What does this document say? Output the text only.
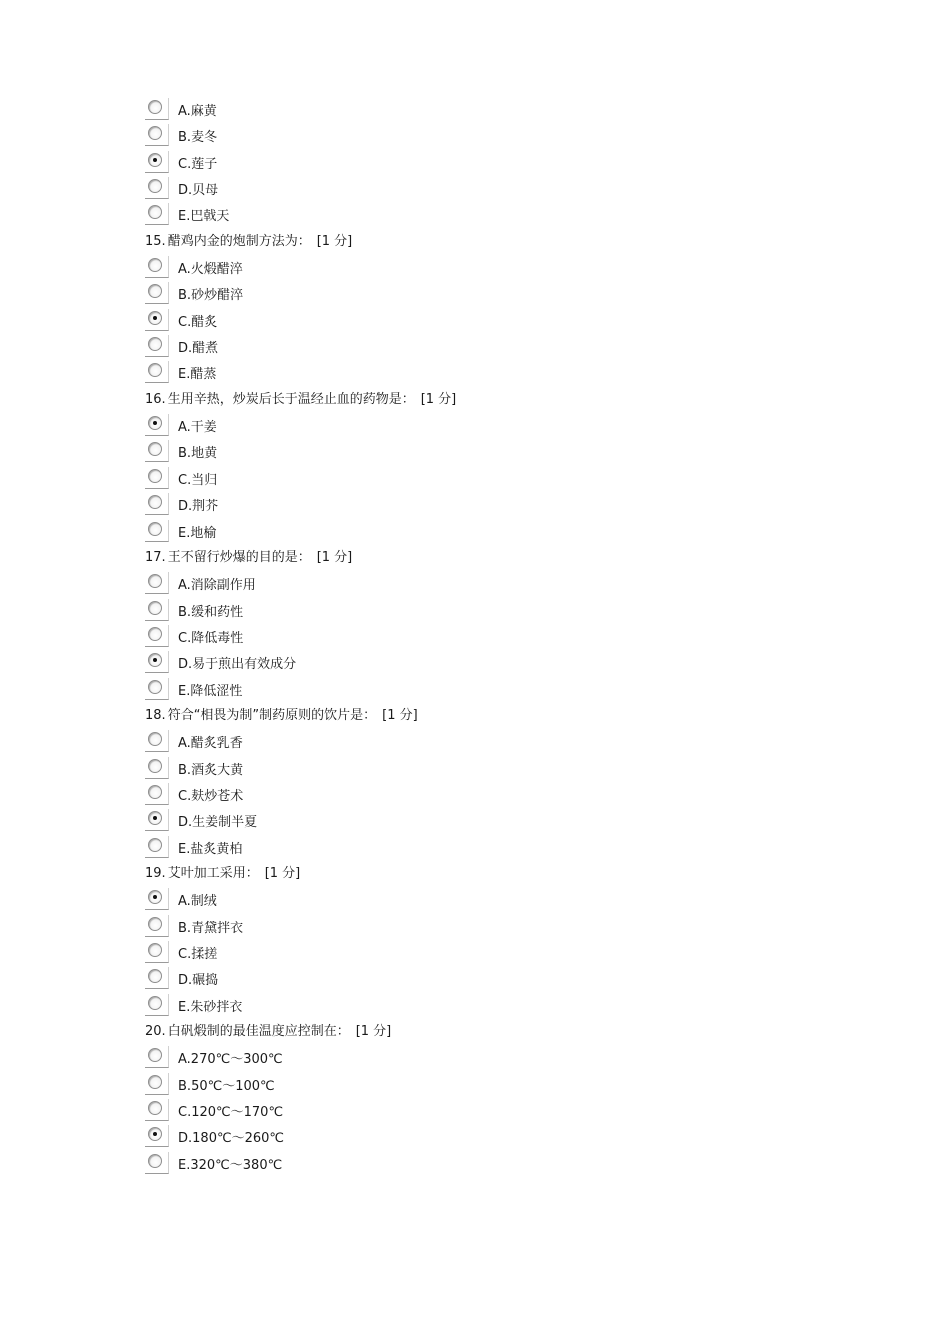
A.麻黄
B.麦冬
C.莲子
D.贝母
E.巴戟天
15. 醋鸡内金的炮制方法为： [1 分]
A.火煅醋淬
B.砂炒醋淬
C.醋炙
D.醋煮
E.醋蒸
16. 生用辛热，炒炭后长于温经止血的药物是： [1 分]
A.干姜
B.地黄
C.当归
D.荆芥
E.地榆
17. 王不留行炒爆的目的是： [1 分]
A.消除副作用
B.缓和药性
C.降低毒性
D.易于煎出有效成分
E.降低涩性
18. 符合“相畏为制”制药原则的饮片是： [1 分]
A.醋炙乳香
B.酒炙大黄
C.麸炒苍术
D.生姜制半夏
E.盐炙黄柏
19. 艾叶加工采用： [1 分]
A.制绒
B.青黛拌衣
C.揉搓
D.碾捣
E.朱砂拌衣
20. 白矾煅制的最佳温度应控制在： [1 分]
A.270℃～300℃
B.50℃～100℃
C.120℃～170℃
D.180℃～260℃
E.320℃～380℃
